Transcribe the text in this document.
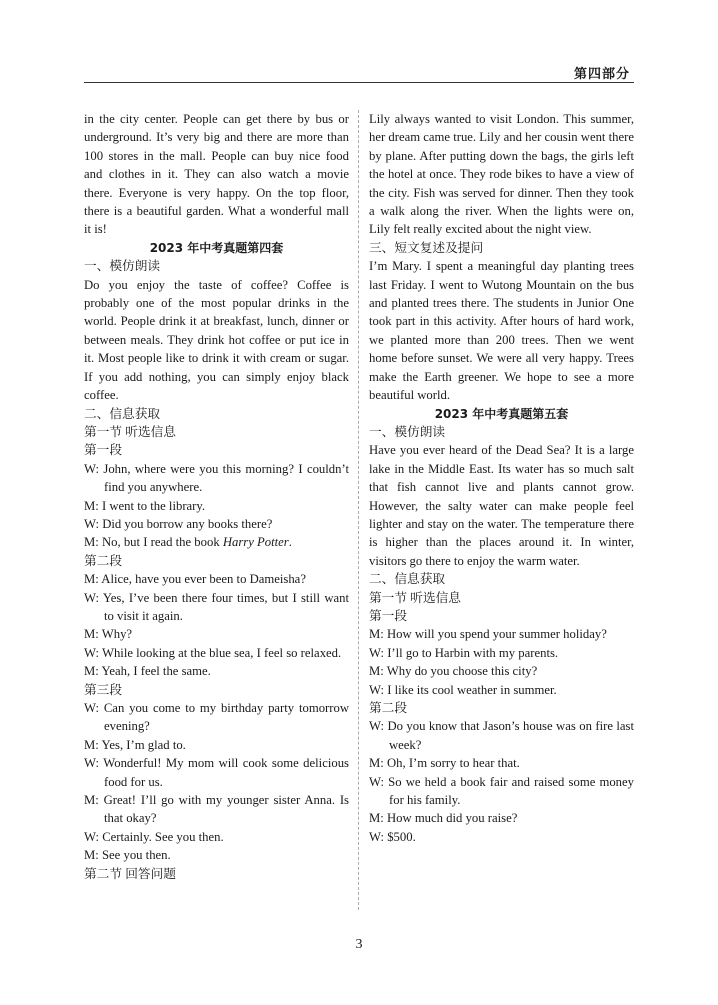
第四部分

in the city center. People can get there by bus or underground. It’s very big and there are more than 100 stores in the mall. People can buy nice food and clothes in it. They can also watch a movie there. Everyone is very happy. On the top floor, there is a beautiful garden. What a wonderful mall it is!

2023 年中考真题第四套

一、模仿朗读

Do you enjoy the taste of coffee? Coffee is probably one of the most popular drinks in the world. People drink it at breakfast, lunch, dinner or between meals. They drink hot coffee or put ice in it. Most people like to drink it with cream or sugar. If you add nothing, you can simply enjoy black coffee.

二、信息获取

第一节 听选信息

第一段

W: John, where were you this morning? I couldn’t find you anywhere.

M: I went to the library.

W: Did you borrow any books there?

M: No, but I read the book Harry Potter.

第二段

M: Alice, have you ever been to Dameisha?

W: Yes, I’ve been there four times, but I still want to visit it again.

M: Why?

W: While looking at the blue sea, I feel so relaxed.

M: Yeah, I feel the same.

第三段

W: Can you come to my birthday party tomorrow evening?

M: Yes, I’m glad to.

W: Wonderful! My mom will cook some delicious food for us.

M: Great! I’ll go with my younger sister Anna. Is that okay?

W: Certainly. See you then.

M: See you then.

第二节 回答问题

Lily always wanted to visit London. This summer, her dream came true. Lily and her cousin went there by plane. After putting down the bags, the girls left the hotel at once. They rode bikes to have a view of the city. Fish was served for dinner. Then they took a walk along the river. When the lights were on, Lily felt really excited about the night view.

三、短文复述及提问

I’m Mary. I spent a meaningful day planting trees last Friday. I went to Wutong Mountain on the bus and planted trees there. The students in Junior One took part in this activity. After hours of hard work, we planted more than 200 trees. Then we went home before sunset. We were all very happy. Trees make the Earth greener. We hope to see a more beautiful world.

2023 年中考真题第五套

一、模仿朗读

Have you ever heard of the Dead Sea? It is a large lake in the Middle East. Its water has so much salt that fish cannot live and plants cannot grow. However, the salty water can make people feel lighter and stay on the water. The temperature there is higher than the places around it. In winter, visitors go there to enjoy the warm water.

二、信息获取

第一节 听选信息

第一段

M: How will you spend your summer holiday?

W: I’ll go to Harbin with my parents.

M: Why do you choose this city?

W: I like its cool weather in summer.

第二段

W: Do you know that Jason’s house was on fire last week?

M: Oh, I’m sorry to hear that.

W: So we held a book fair and raised some money for his family.

M: How much did you raise?

W: $500.

3
